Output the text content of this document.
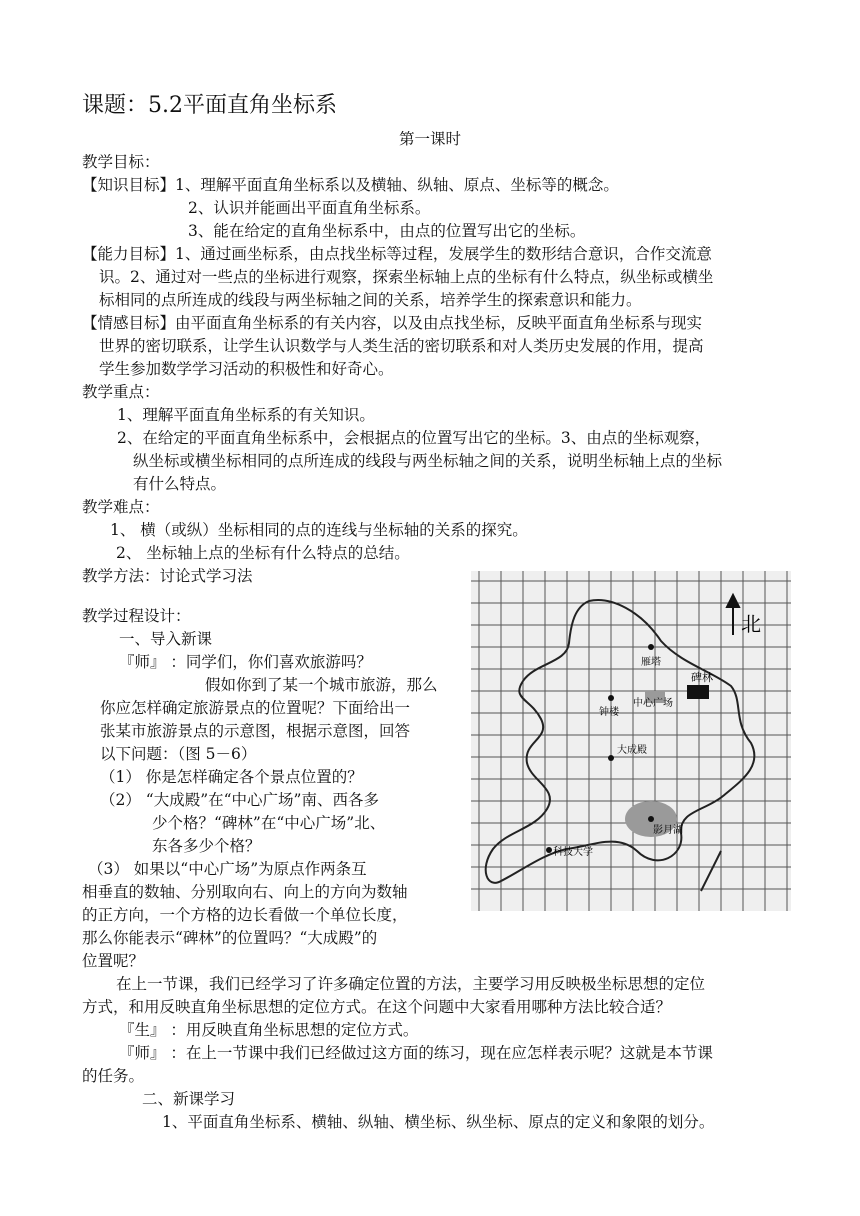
课题：5.2平面直角坐标系
第一课时
教学目标：
【知识目标】1、理解平面直角坐标系以及横轴、纵轴、原点、坐标等的概念。
2、认识并能画出平面直角坐标系。
3、能在给定的直角坐标系中，由点的位置写出它的坐标。
【能力目标】1、通过画坐标系，由点找坐标等过程，发展学生的数形结合意识，合作交流意
识。2、通过对一些点的坐标进行观察，探索坐标轴上点的坐标有什么特点，纵坐标或横坐
标相同的点所连成的线段与两坐标轴之间的关系，培养学生的探索意识和能力。
【情感目标】由平面直角坐标系的有关内容，以及由点找坐标，反映平面直角坐标系与现实
世界的密切联系，让学生认识数学与人类生活的密切联系和对人类历史发展的作用，提高
学生参加数学学习活动的积极性和好奇心。
教学重点：
1、理解平面直角坐标系的有关知识。
2、在给定的平面直角坐标系中，会根据点的位置写出它的坐标。3、由点的坐标观察，
纵坐标或横坐标相同的点所连成的线段与两坐标轴之间的关系，说明坐标轴上点的坐标
有什么特点。
教学难点：
1、 横（或纵）坐标相同的点的连线与坐标轴的关系的探究。
2、 坐标轴上点的坐标有什么特点的总结。
教学方法：讨论式学习法
教学过程设计：
一、导入新课
『师』 ：同学们，你们喜欢旅游吗？
假如你到了某一个城市旅游，那么
你应怎样确定旅游景点的位置呢？下面给出一
张某市旅游景点的示意图，根据示意图，回答
以下问题：（图 5－6）
（1） 你是怎样确定各个景点位置的？
（2） “大成殿”在“中心广场”南、西各多
少个格？“碑林”在“中心广场”北、
东各多少个格？
（3） 如果以“中心广场”为原点作两条互
相垂直的数轴、分别取向右、向上的方向为数轴
的正方向，一个方格的边长看做一个单位长度，
那么你能表示“碑林”的位置吗？“大成殿”的
位置呢？
在上一节课，我们已经学习了许多确定位置的方法，主要学习用反映极坐标思想的定位
方式，和用反映直角坐标思想的定位方式。在这个问题中大家看用哪种方法比较合适？
『生』 ：用反映直角坐标思想的定位方式。
『师』 ：在上一节课中我们已经做过这方面的练习，现在应怎样表示呢？这就是本节课
的任务。
二、新课学习
1、平面直角坐标系、横轴、纵轴、横坐标、纵坐标、原点的定义和象限的划分。
北
雁塔
碑林
钟楼
中心广场
大成殿
影月湖
科技大学
